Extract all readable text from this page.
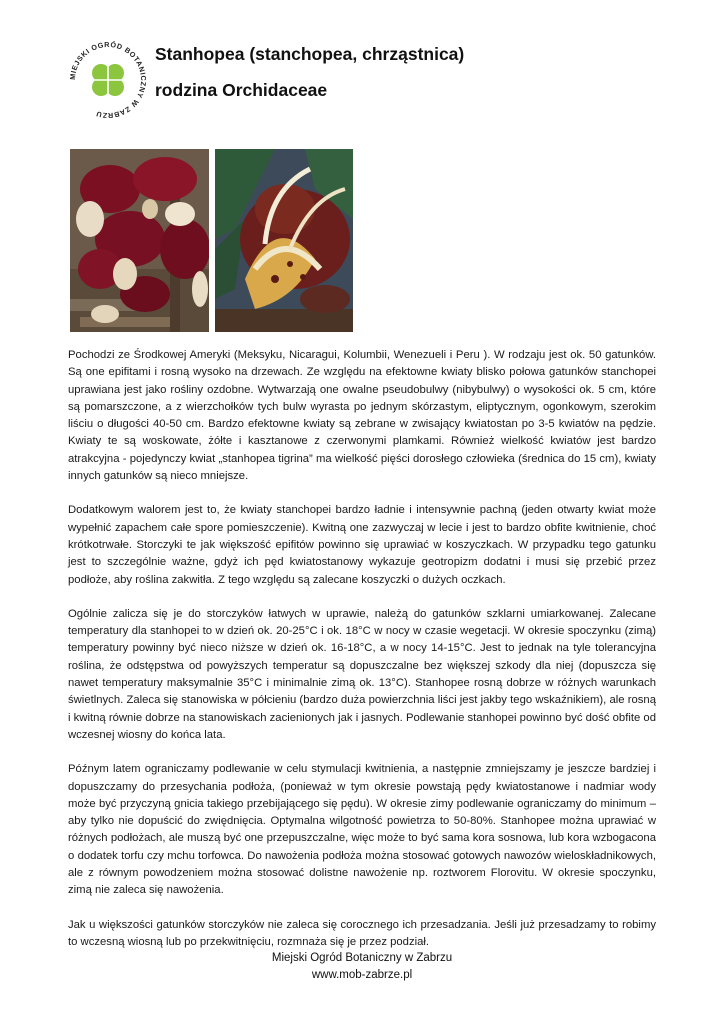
MIEJSKI OGRÓD BOTANICZNY W ZABRZU
Stanhopea (stanchopea, chrząstnica)
rodzina Orchidaceae

Pochodzi ze Środkowej Ameryki (Meksyku, Nicaragui, Kolumbii, Wenezueli i Peru ). W rodzaju jest ok. 50 gatunków. Są one epifitami i rosną wysoko na drzewach. Ze względu na efektowne kwiaty blisko połowa gatunków stanchopei uprawiana jest jako rośliny ozdobne. Wytwarzają one owalne pseudobulwy (nibybulwy) o wysokości ok. 5 cm, które są pomarszczone, a z wierzchołków tych bulw wyrasta po jednym skórzastym, eliptycznym, ogonkowym, szerokim liściu o długości 40-50 cm. Bardzo efektowne kwiaty są zebrane w zwisający kwiatostan po 3-5 kwiatów na pędzie. Kwiaty te są woskowate, żółte i kasztanowe z czerwonymi plamkami. Również wielkość kwiatów jest bardzo atrakcyjna - pojedynczy kwiat „stanhopea tigrina” ma wielkość pięści dorosłego człowieka (średnica do 15 cm), kwiaty innych gatunków są nieco mniejsze.

Dodatkowym walorem jest to, że kwiaty stanchopei bardzo ładnie i intensywnie pachną (jeden otwarty kwiat może wypełnić zapachem całe spore pomieszczenie). Kwitną one zazwyczaj w lecie i jest to bardzo obfite kwitnienie, choć krótkotrwałe. Storczyki te jak większość epifitów powinno się uprawiać w koszyczkach. W przypadku tego gatunku jest to szczególnie ważne, gdyż ich pęd kwiatostanowy wykazuje geotropizm dodatni i musi się przebić przez podłoże, aby roślina zakwitła. Z tego względu są zalecane koszyczki o dużych oczkach.

Ogólnie zalicza się je do storczyków łatwych w uprawie, należą do gatunków szklarni umiarkowanej. Zalecane temperatury dla stanhopei to w dzień ok. 20-25°C i ok. 18°C w nocy w czasie wegetacji. W okresie spoczynku (zimą) temperatury powinny być nieco niższe w dzień ok. 16-18°C, a w nocy 14-15°C. Jest to jednak na tyle tolerancyjna roślina, że odstępstwa od powyższych temperatur są dopuszczalne bez większej szkody dla niej (dopuszcza się nawet temperatury maksymalnie 35°C i minimalnie zimą ok. 13°C). Stanhopee rosną dobrze w różnych warunkach świetlnych. Zaleca się stanowiska w półcieniu (bardzo duża powierzchnia liści jest jakby tego wskaźnikiem), ale rosną i kwitną równie dobrze na stanowiskach zacienionych jak i jasnych. Podlewanie stanhopei powinno być dość obfite od wczesnej wiosny do końca lata.

Późnym latem ograniczamy podlewanie w celu stymulacji kwitnienia, a następnie zmniejszamy je jeszcze bardziej i dopuszczamy do przesychania podłoża, (ponieważ w tym okresie powstają pędy kwiatostanowe i nadmiar wody może być przyczyną gnicia takiego przebijającego się pędu). W okresie zimy podlewanie ograniczamy do minimum – aby tylko nie dopuścić do zwiędnięcia. Optymalna wilgotność powietrza to 50-80%. Stanhopee można uprawiać w różnych podłożach, ale muszą być one przepuszczalne, więc może to być sama kora sosnowa, lub kora wzbogacona o dodatek torfu czy mchu torfowca. Do nawożenia podłoża można stosować gotowych nawozów wieloskładnikowych, ale z równym powodzeniem można stosować dolistne nawożenie np. roztworem Florovitu. W okresie spoczynku, zimą nie zaleca się nawożenia.

Jak u większości gatunków storczyków nie zaleca się corocznego ich przesadzania. Jeśli już przesadzamy to robimy to wczesną wiosną lub po przekwitnięciu, rozmnaża się je przez podział.

Miejski Ogród Botaniczny w Zabrzu
www.mob-zabrze.pl
